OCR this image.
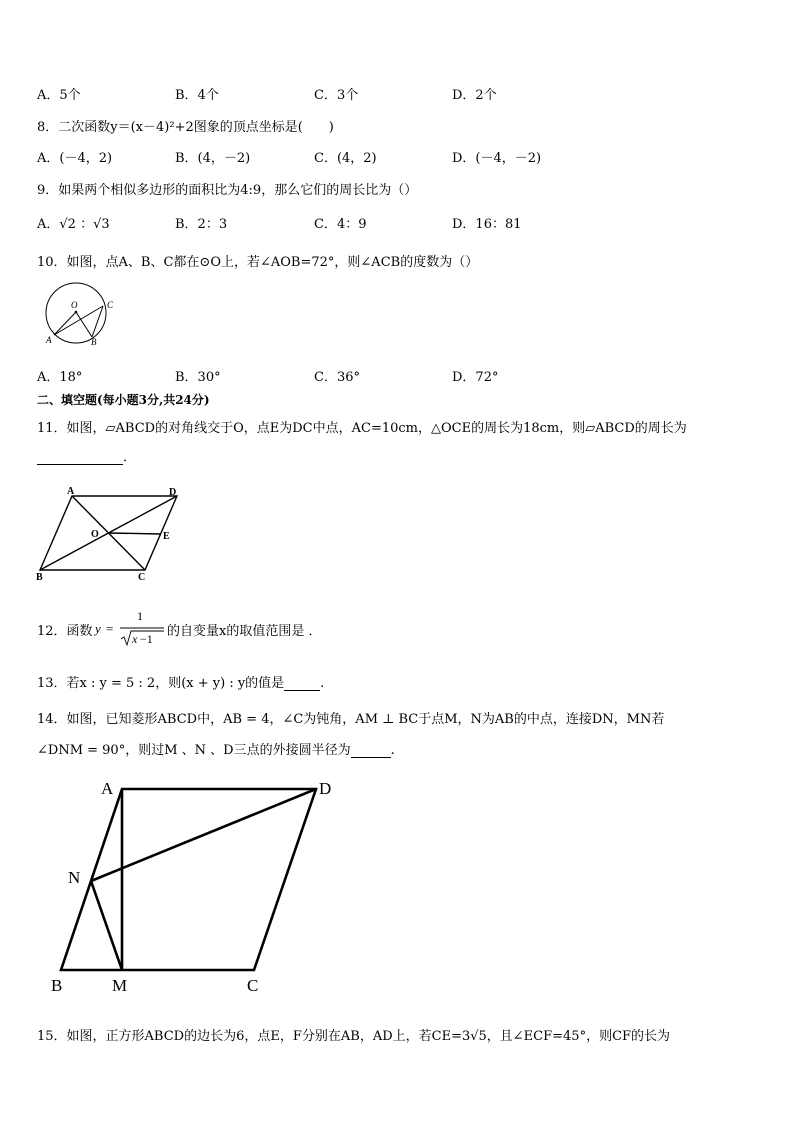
A．5个	B．4个	C．3个	D．2个
8．二次函数y＝(x－4)²+2图象的顶点坐标是(　　)
A．(－4，2)	B．(4，－2)	C．(4，2)	D．(－4，－2)
9．如果两个相似多边形的面积比为4:9，那么它们的周长比为（）
A．√2 ：√3	B．2：3	C．4：9	D．16：81
10．如图，点A、B、C都在⊙O上，若∠AOB=72°，则∠ACB的度数为（）
O	C
A	B
A．18°	B．30°	C．36°	D．72°
二、填空题(每小题3分,共24分)
11．如图，▱ABCD的对角线交于O，点E为DC中点，AC=10cm，△OCE的周长为18cm，则▱ABCD的周长为
．
A	D
O	E
B	C
12．函数 y =
1
x −1 的自变量x的取值范围是 ．
13．若x : y = 5 : 2，则(x + y) : y的值是	.
14．如图，已知菱形ABCD中，AB = 4，∠C为钝角，AM ⊥ BC于点M，N为AB的中点，连接DN，MN若
∠DNM = 90°，则过M 、N 、D三点的外接圆半径为	.
A	D
N
B	M	C
15．如图，正方形ABCD的边长为6，点E，F分别在AB，AD上，若CE=3√5，且∠ECF=45°，则CF的长为
